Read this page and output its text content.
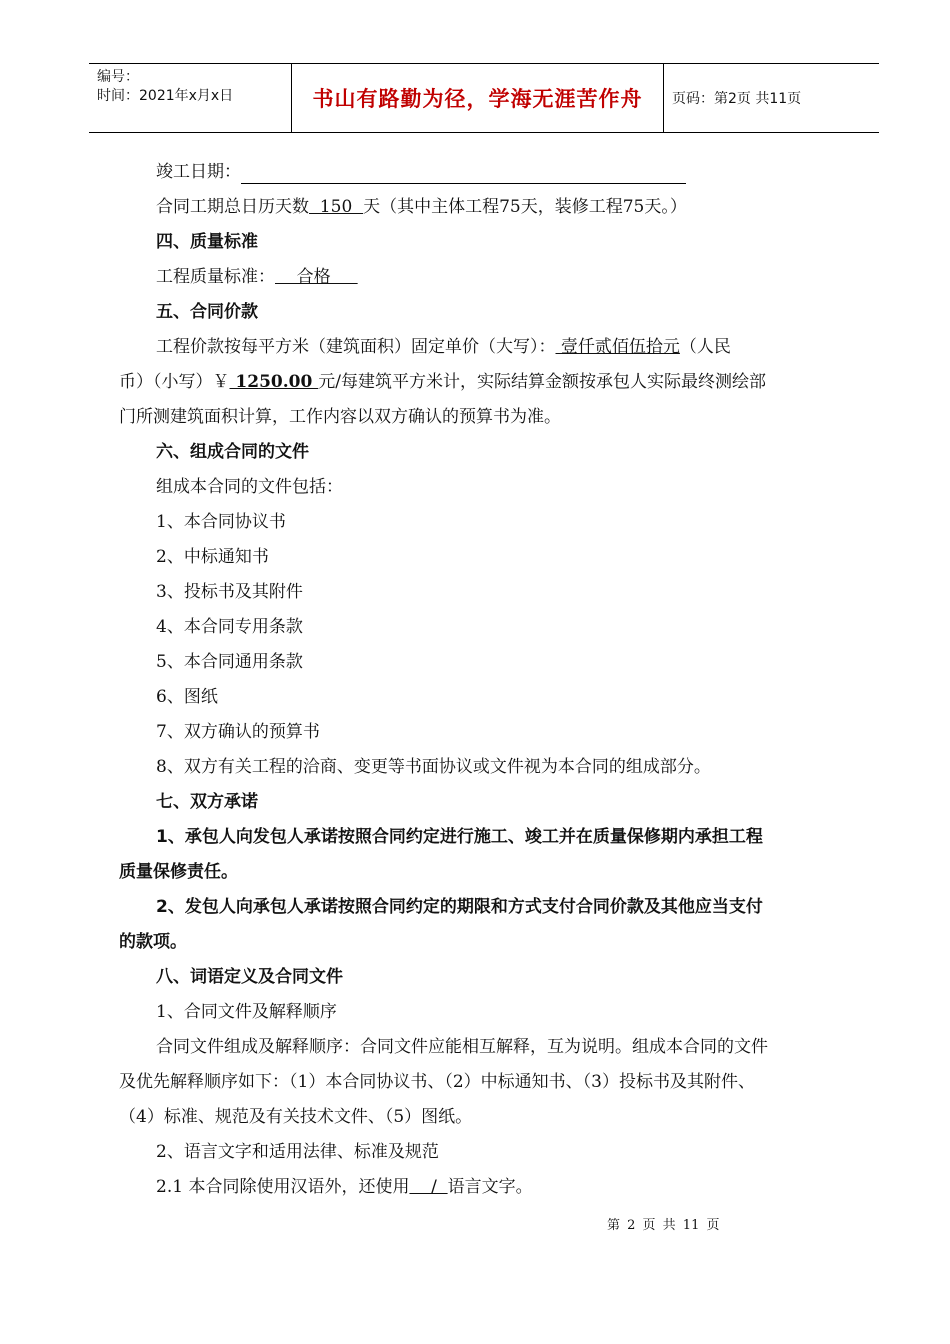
编号：
时间：2021年x月x日	书山有路勤为径，学海无涯苦作舟	页码：第2页 共11页
竣工日期：
合同工期总日历天数  150  天（其中主体工程75天，装修工程75天。）
四、质量标准
工程质量标准：    合格
五、合同价款
工程价款按每平方米（建筑面积）固定单价（大写）： 壹仟贰佰伍拾元（人民
币）（小写）￥ 1250.00 元/每建筑平方米计，实际结算金额按承包人实际最终测绘部
门所测建筑面积计算，工作内容以双方确认的预算书为准。
六、组成合同的文件
组成本合同的文件包括：
1、本合同协议书
2、中标通知书
3、投标书及其附件
4、本合同专用条款
5、本合同通用条款
6、图纸
7、双方确认的预算书
8、双方有关工程的洽商、变更等书面协议或文件视为本合同的组成部分。
七、双方承诺
1、承包人向发包人承诺按照合同约定进行施工、竣工并在质量保修期内承担工程
质量保修责任。
2、发包人向承包人承诺按照合同约定的期限和方式支付合同价款及其他应当支付
的款项。
八、词语定义及合同文件
1、合同文件及解释顺序
合同文件组成及解释顺序：合同文件应能相互解释，互为说明。组成本合同的文件
及优先解释顺序如下：（1）本合同协议书、（2）中标通知书、（3）投标书及其附件、
（4）标准、规范及有关技术文件、（5）图纸。
2、语言文字和适用法律、标准及规范
2.1 本合同除使用汉语外，还使用    /  语言文字。
第 2 页 共 11 页
